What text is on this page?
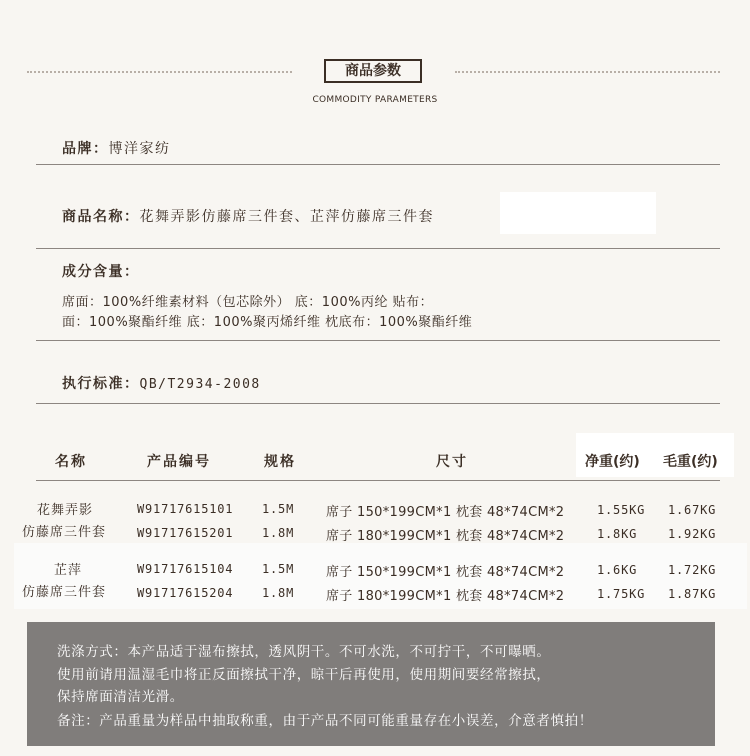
商品参数
COMMODITY PARAMETERS
品牌：博洋家纺
商品名称：花舞弄影仿藤席三件套、芷萍仿藤席三件套
成分含量：
席面：100%纤维素材料（包芯除外） 底：100%丙纶 贴布：
面：100%聚酯纤维 底：100%聚丙烯纤维 枕底布：100%聚酯纤维
执行标准：QB/T2934-2008
名称	产品编号	规格	尺寸	净重(约) 毛重(约)
花舞弄影
仿藤席三件套
W91717615101 1.5M 席子 150*199CM*1 枕套 48*74CM*2	1.55KG 1.67KG
W91717615201 1.8M 席子 180*199CM*1 枕套 48*74CM*2	1.8KG	1.92KG
芷萍
仿藤席三件套
W91717615104 1.5M 席子 150*199CM*1 枕套 48*74CM*2	1.6KG	1.72KG
W91717615204 1.8M 席子 180*199CM*1 枕套 48*74CM*2	1.75KG 1.87KG
洗涤方式：本产品适于湿布擦拭，透风阴干。不可水洗，不可拧干，不可曝晒。
使用前请用温湿毛巾将正反面擦拭干净，晾干后再使用，使用期间要经常擦拭，
保持席面清洁光滑。
备注：产品重量为样品中抽取称重，由于产品不同可能重量存在小误差，介意者慎拍！
